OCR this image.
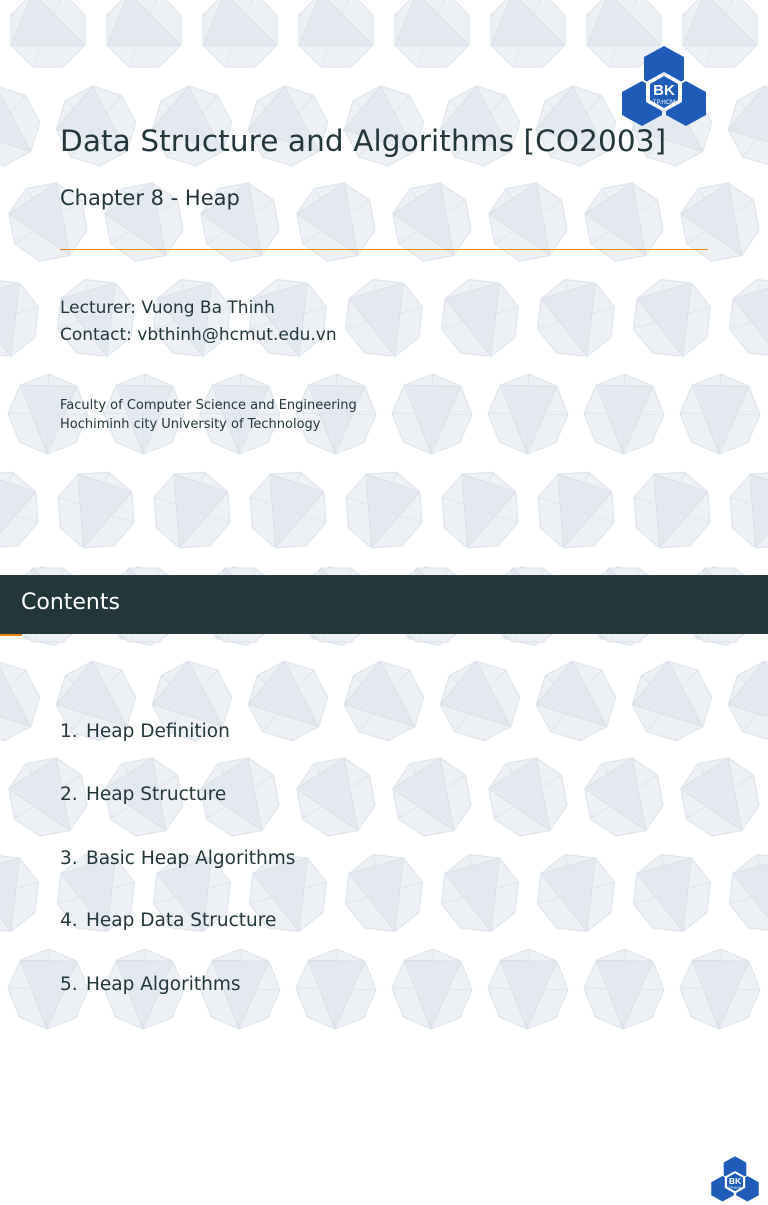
BK
TP.HCM
Data Structure and Algorithms [CO2003]
Chapter 8 - Heap
Lecturer: Vuong Ba Thinh
Contact: vbthinh@hcmut.edu.vn
Faculty of Computer Science and Engineering
Hochiminh city University of Technology
Contents
BK
TP.HCM
1. Heap Definition
2. Heap Structure
3. Basic Heap Algorithms
4. Heap Data Structure
5. Heap Algorithms
